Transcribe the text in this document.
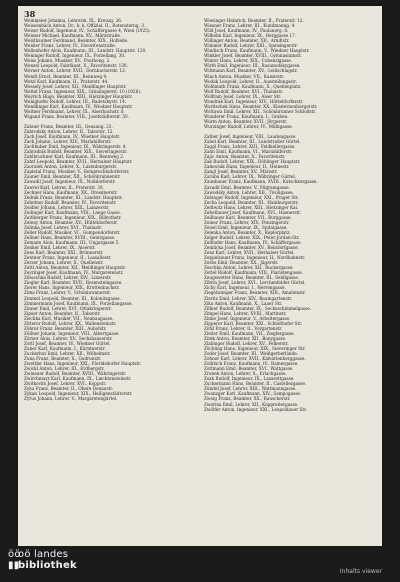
38
Weinmeier Johanna, Lehrerin, IX., Kreuzg. 26.
Weissenbäck Anton, Dr., k. k. Offizial, II., Rotensterng. 3.
Weiser Rudolf, Ingenieur, IV., Schäffergasse 4, Wien (1925).
Weisser Michael, Kaufmann, XV., Märzstraße.
Weixlbaumer Ferdinand, Beamter, XIX., Hofzeile.
Weixler Franz, Lehrer, IV., Favoritenstraße.
Wellenhofer Alois, Kaufmann, III., Landstr. Hauptstr. 120.
Weninger Rudolf, Ingenieur, IX., Porzellang. 30.
Weiss Johann, Musiker, XV., Pouthong. 2.
Wenzel Leopold, Fabrikant, X., Favoritenstr. 130.
Werner Anton, Lehrer, XVII., Dornbacherstr. 12.
Wendt Ernst, Beamter, III., Rennweg 9.
Wetzl Karl, Kaufmann, II., Praterstr. 44.
Wessely Josef, Lehrer, XII., Meidlinger Hauptstr.
Wettel Franz, Ingenieur, XIX., Grinzingerstr. 10 (1926).
Weyrich Hugo, Beamter, XIII., Hietzinger Hauptstr.
Wenighofer Rudolf, Lehrer, III., Radetzkystr. 14.
Wendlinger Karl, Kaufmann, IV., Wiedner Hauptstr.
Weitner Ferdinand, Lehrer, IX., Alserbachstr. 8.
Wigand Franz, Beamter, VIII., Josefstädterstr. 50.
Zabner Franz, Beamter, III., Geusaug. 23.
Zabrodsky Anton, Lehrer, II., Taborstr. 12.
Zach Josef, Kaufmann, IV., Wiedner Hauptstr.
Zach Johann, Lehrer, XIV., Mariahilferstr.
Zachhuber Emil, Ingenieur, IX., Währingerstr. 4.
Zahradnik Rudolf, Beamter, XIX., Sieveringerstr.
Zahlbruckner Karl, Kaufmann, III., Rennweg 2.
Zahrl Leopold, Beamter, XVII., Hernalser Hauptstr.
Zaoralek Anton, Lehrer, X., Laxenburgerstr.
Zapletal Franz, Musiker, V., Reinprechtsdorferstr.
Zauner Emil, Beamter, XII., Schönbrunnerstr.
Zawadil Josef, Ingenieur, IX., Nußdorferstr.
Zawrel Karl, Lehrer, II., Praterstr. 30.
Zechner Hans, Kaufmann, XX., Dresdnerstr.
Zednik Franz, Beamter, III., Landstr. Hauptstr.
Zehetner Rudolf, Beamter, IV., Favoritenstr.
Zeidler Johann, Lehrer, XIII., Lainzerstr.
Zeilinger Karl, Kaufmann, VIII., Lange Gasse.
Zeitlberger Franz, Ingenieur, XIX., Billrothstr.
Zeleny Anton, Beamter, XV., Hütteldorferstr.
Zelinka Josef, Lehrer, XVI., Thaliastr.
Zeller Rudolf, Musiker, VI., Gumpendorferstr.
Zellner Hans, Beamter, XVIII., Gentzgasse.
Zemann Alois, Kaufmann, III., Ungargasse 5.
Zenker Emil, Lehrer, IX., Alserstr.
Zens Karl, Beamter, XXI., Brünnerstr.
Zentner Franz, Ingenieur, II., Lassallestr.
Zerzer Johann, Lehrer, X., Quellenstr.
Zettl Anton, Beamter, XII., Meidlinger Hauptstr.
Zeyringer Josef, Kaufmann, IV., Margaretenstr.
Zibuschka Rudolf, Lehrer, XIV., Linzerstr.
Ziegler Karl, Beamter, XVII., Rosensteingasse.
Zierer Hans, Ingenieur, XIX., Krottenbachstr.
Zima Franz, Lehrer, V., Schönbrunnerstr.
Zimmel Leopold, Beamter, III., Kolonitzgasse.
Zimmermann Josef, Kaufmann, IX., Porzellangasse.
Zinner Emil, Lehrer, XVI., Ottakringerstr.
Zipser Anton, Beamter, II., Taborstr.
Zischka Karl, Musiker, VII., Neubaugasse.
Zitterer Rudolf, Lehrer, XX., Wallensteinstr.
Zöhrer Franz, Beamter, XIII., Auhofstr.
Zöllner Johann, Ingenieur, VIII., Albertgasse.
Zörner Alois, Lehrer, XV., Sechshauserstr.
Zottl Josef, Beamter, IV., Wiedner Gürtel.
Zuber Karl, Kaufmann, I., Kärntnerstr.
Zuckerhut Emil, Lehrer, XII., Wilhelmstr.
Zuna Franz, Beamter, X., Gudrunstr.
Zwettler Hans, Ingenieur, XXI., Floridsdorfer Hauptstr.
Zwickl Anton, Lehrer, III., Erdbergstr.
Zwieauer Rudolf, Beamter, XVIII., Währingerstr.
Zwirchmayr Karl, Kaufmann, IX., Liechtensteinstr.
Zwitkovits Josef, Lehrer, XVI., Koppstr.
Zyka Franz, Beamter, II., Obere Donaustr.
Zykan Leopold, Ingenieur, XIX., Heiligenstädterstr.
Zyrus Johann, Lehrer, V., Margaretengürtel.
Wiesinger Heinrich, Beamter, II., Praterstr. 12.
Wiesner Franz, Lehrer, III., Kundmanng. 4.
Wild Josef, Kaufmann, IV., Paulanerg. 8.
Wilhelm Karl, Ingenieur, IX., Berggasse 17.
Willinger Anton, Beamter, XII., Arndtstr.
Wimmer Rudolf, Lehrer, XIII., Speisingerstr.
Windisch Franz, Kaufmann, V., Wiedner Hauptstr.
Winkler Josef, Beamter, XVIII., Gymnasiumstr.
Winter Hans, Lehrer, XIX., Cobenzlgasse.
Wirth Emil, Ingenieur, III., Rasumofskygasse.
Wittmann Karl, Beamter, XV., Goldschlagstr.
Wlach Anton, Musiker, VII., Kaiserstr.
Wodak Leopold, Lehrer, II., Ausstellungsstr.
Wohlmuth Franz, Kaufmann, X., Quellenplatz.
Wolf Rudolf, Beamter, XVI., Thaliastr.
Wolfram Josef, Lehrer, IX., Alser Str.
Wondrak Karl, Ingenieur, XIV., Hütteldorferstr.
Woritschek Hans, Beamter, XX., Klosterneuburgerstr.
Wottawa Emil, Lehrer, XII., Schönbrunner Schloßstr.
Wunderer Franz, Kaufmann, I., Graben.
Wurm Anton, Beamter, XVII., Jörgerstr.
Wurzinger Rudolf, Lehrer, IV., Mühlgasse.
Zafner Josef, Ingenieur, VIII., Laudongasse.
Zahel Karl, Beamter, III., Landstraßer Gürtel.
Zaggl Franz, Lehrer, XIII., Feldkellergasse.
Zahn Emil, Kaufmann, VI., Mariahilferstr.
Zajic Anton, Beamter, X., Favoritenstr.
Zak Rudolf, Lehrer, XIX., Döblinger Hauptstr.
Zamecnik Hans, Ingenieur, II., Heinestr.
Zangl Josef, Beamter, XV., Märzstr.
Zaruba Karl, Lehrer, IX., Währinger Gürtel.
Zaunbauer Franz, Kaufmann, XVIII., Kutschkergasse.
Zavadil Emil, Beamter, V., Pilgramgasse.
Zawodsky Anton, Lehrer, XII., Tivoligasse.
Zebinger Rudolf, Ingenieur, XXI., Prager Str.
Zecha Leopold, Beamter, III., Hainburgerstr.
Zedtwitz Hans, Lehrer, XIII., Hietzinger Kai.
Zehetbauer Josef, Kaufmann, XVI., Hasnerstr.
Zeilbauer Karl, Beamter, VII., Burggasse.
Zeiner Franz, Lehrer, XIV., Penzingerstr.
Zeisel Emil, Ingenieur, IX., Spitalgasse.
Zelenka Anton, Beamter, X., Keplerplatz.
Zelger Rudolf, Lehrer, XIX., Peter-Jordan-Str.
Zellhofer Hans, Kaufmann, IV., Schäffergasse.
Zemlicka Josef, Beamter, XV., Reindorfgasse.
Zenz Karl, Lehrer, XVII., Hernalser Gürtel.
Zeppelzauer Franz, Ingenieur, II., Nordbahnstr.
Zerbs Emil, Beamter, XX., Jägerstr.
Zeschka Anton, Lehrer, XII., Ruckergasse.
Zettel Rudolf, Kaufmann, VIII., Piaristengasse.
Zeugswetter Hans, Beamter, III., Seidlgasse.
Zibrin Josef, Lehrer, XVI., Lerchenfelder Gürtel.
Zichy Karl, Ingenieur, I., Herrengasse.
Ziegelwanger Franz, Beamter, XIII., Amalienstr.
Zieritz Emil, Lehrer, XIV., Baumgartenstr.
Zika Anton, Kaufmann, X., Laaer Str.
Zillner Rudolf, Beamter, IX., Sechsschimmelgasse.
Zimpel Hans, Lehrer, XVIII., Martinstr.
Zinke Josef, Ingenieur, V., Arbeitergasse.
Zipperer Karl, Beamter, XXI., Schloßhofer Str.
Zirkl Franz, Lehrer, II., Vorgartenstr.
Zistler Emil, Kaufmann, VII., Zieglergasse.
Zitek Anton, Beamter, XII., Bonygasse.
Zlabinger Rudolf, Lehrer, XV., Felberstr.
Zöchling Hans, Ingenieur, XIX., Sieveringer Str.
Zoder Josef, Beamter, III., Weißgerberlände.
Zohner Karl, Lehrer, XVII., Kalvarienberggasse.
Zollitsch Franz, Kaufmann, IV., Rainergasse.
Zottmann Emil, Beamter, XVI., Wattgasse.
Zrunek Anton, Lehrer, X., Erlachgasse.
Zsak Rudolf, Ingenieur, IX., Lazarettgasse.
Zuckermann Hans, Beamter, II., Castellezgasse.
Zündel Josef, Lehrer, XIII., Wattmanngasse.
Zwanzger Karl, Kaufmann, XIV., Sampogasse.
Zweig Franz, Beamter, XX., Rauscherstr.
Zwerina Emil, Lehrer, XII., Koppreitergasse.
Zwölfer Anton, Ingenieur, XXI., Leopoldauer Str.
ööoö landes
▮▮bibliothek
Inhalts viewer
